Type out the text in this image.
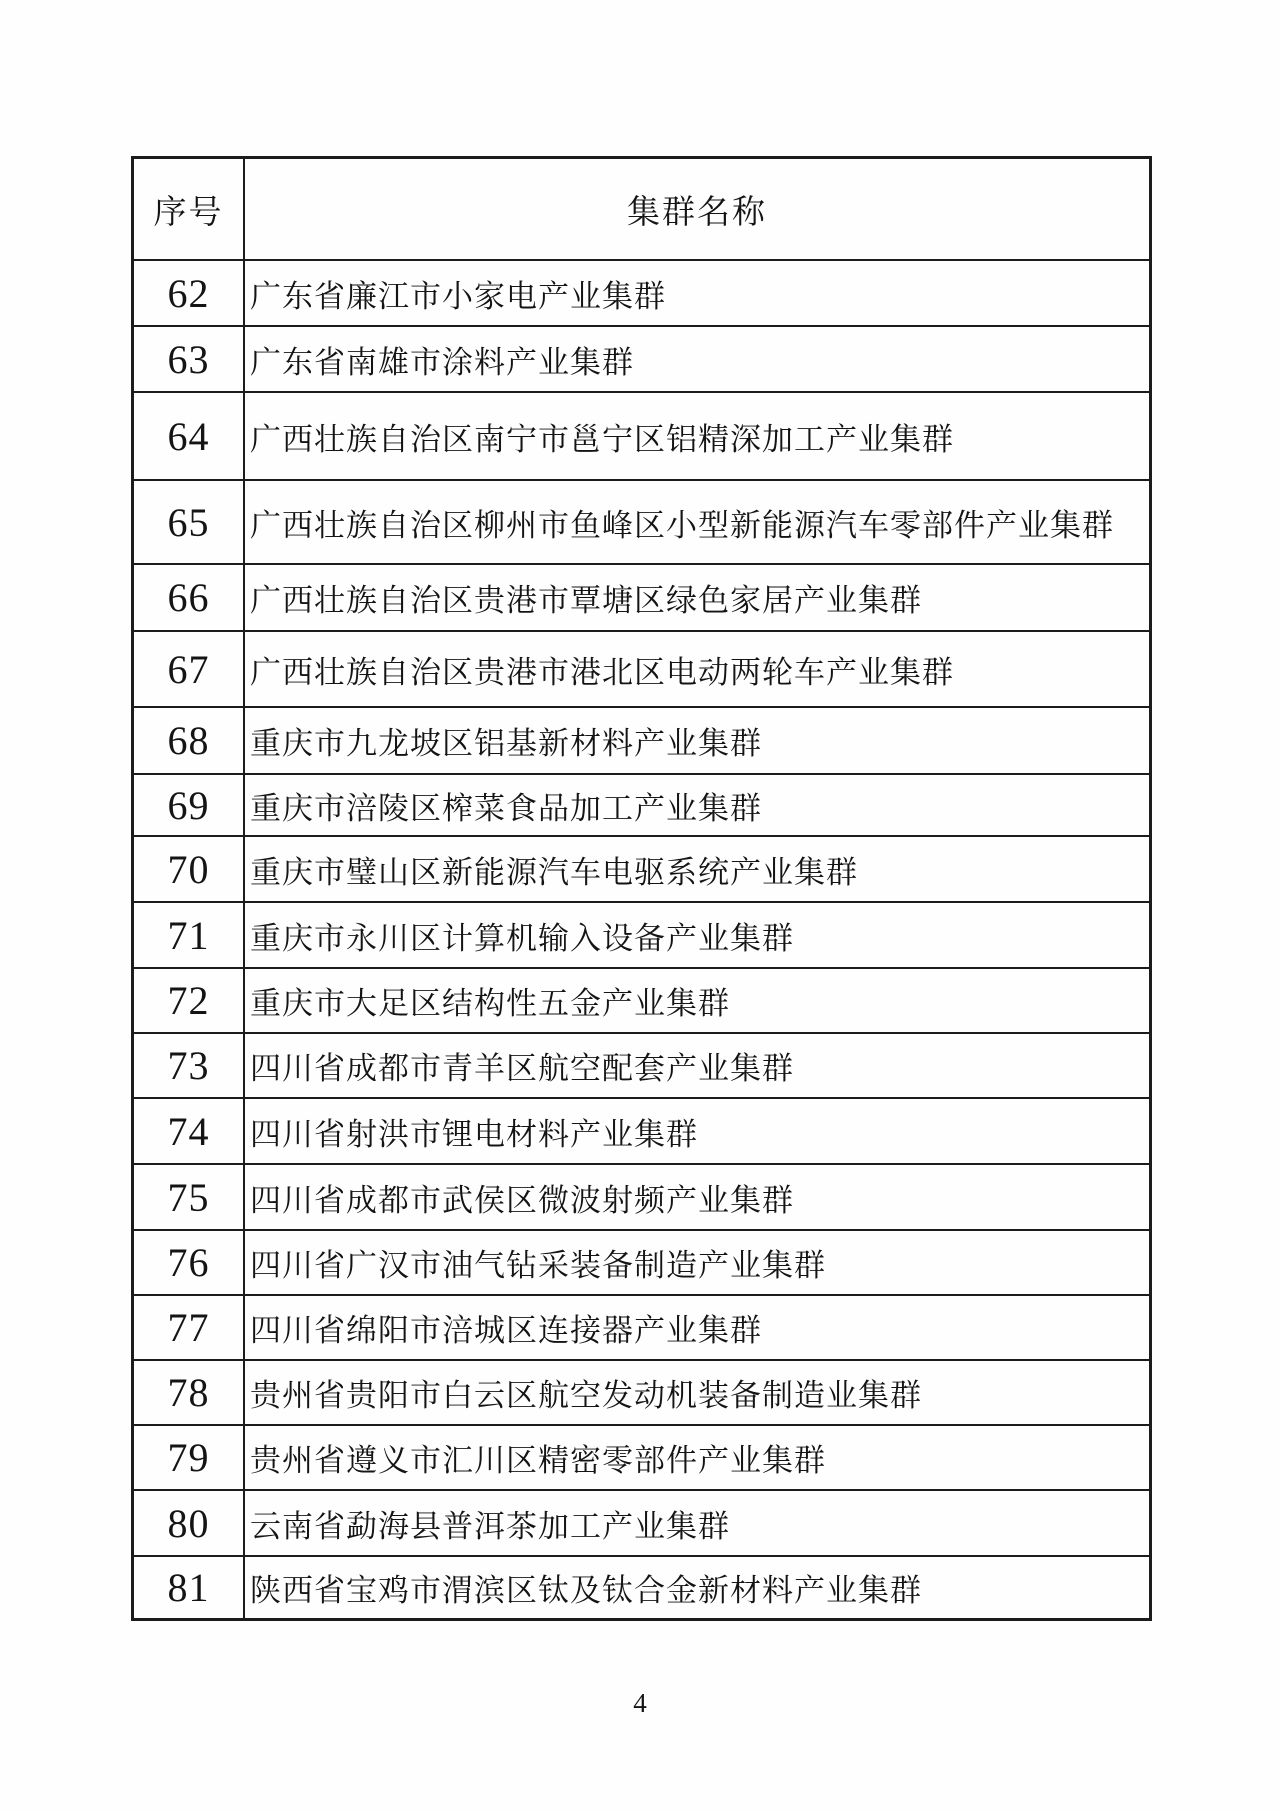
序号	集群名称
62	广东省廉江市小家电产业集群
63	广东省南雄市涂料产业集群
64	广西壮族自治区南宁市邕宁区铝精深加工产业集群
65	广西壮族自治区柳州市鱼峰区小型新能源汽车零部件产业集群
66	广西壮族自治区贵港市覃塘区绿色家居产业集群
67	广西壮族自治区贵港市港北区电动两轮车产业集群
68	重庆市九龙坡区铝基新材料产业集群
69	重庆市涪陵区榨菜食品加工产业集群
70	重庆市璧山区新能源汽车电驱系统产业集群
71	重庆市永川区计算机输入设备产业集群
72	重庆市大足区结构性五金产业集群
73	四川省成都市青羊区航空配套产业集群
74	四川省射洪市锂电材料产业集群
75	四川省成都市武侯区微波射频产业集群
76	四川省广汉市油气钻采装备制造产业集群
77	四川省绵阳市涪城区连接器产业集群
78	贵州省贵阳市白云区航空发动机装备制造业集群
79	贵州省遵义市汇川区精密零部件产业集群
80	云南省勐海县普洱茶加工产业集群
81	陕西省宝鸡市渭滨区钛及钛合金新材料产业集群
4
